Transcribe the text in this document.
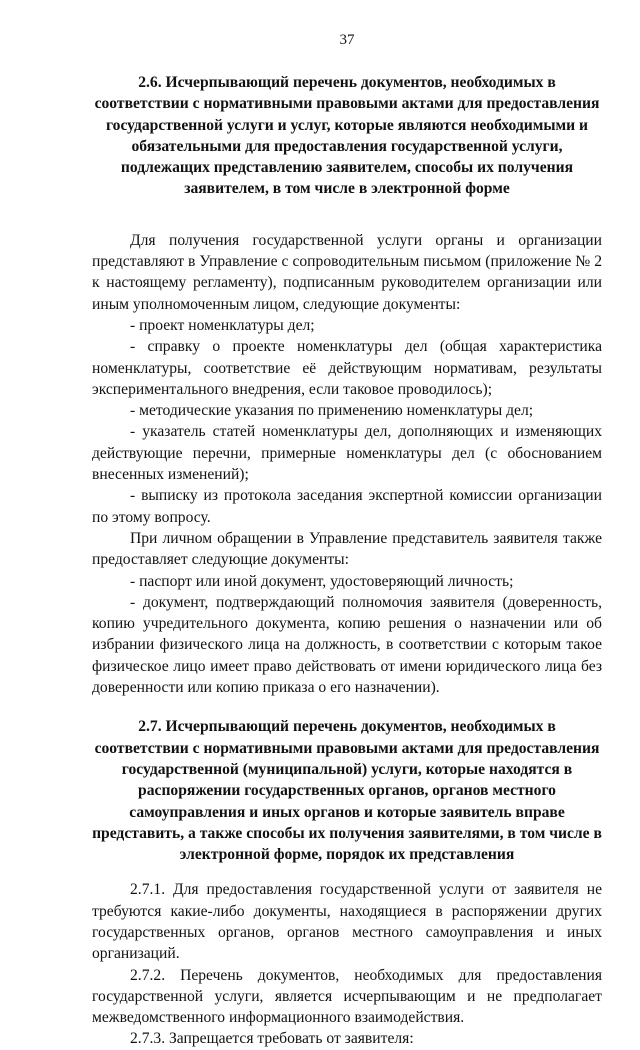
37
2.6. Исчерпывающий перечень документов, необходимых в соответствии с нормативными правовыми актами для предоставления государственной услуги и услуг, которые являются необходимыми и обязательными для предоставления государственной услуги, подлежащих представлению заявителем, способы их получения заявителем, в том числе в электронной форме

Для получения государственной услуги органы и организации представляют в Управление с сопроводительным письмом (приложение № 2 к настоящему регламенту), подписанным руководителем организации или иным уполномоченным лицом, следующие документы:

- проект номенклатуры дел;

- справку о проекте номенклатуры дел (общая характеристика номенклатуры, соответствие её действующим нормативам, результаты экспериментального внедрения, если таковое проводилось);

- методические указания по применению номенклатуры дел;

- указатель статей номенклатуры дел, дополняющих и изменяющих действующие перечни, примерные номенклатуры дел (с обоснованием внесенных изменений);

- выписку из протокола заседания экспертной комиссии организации по этому вопросу.

При личном обращении в Управление представитель заявителя также предоставляет следующие документы:

- паспорт или иной документ, удостоверяющий личность;

- документ, подтверждающий полномочия заявителя (доверенность, копию учредительного документа, копию решения о назначении или об избрании физического лица на должность, в соответствии с которым такое физическое лицо имеет право действовать от имени юридического лица без доверенности или копию приказа о его назначении).

2.7. Исчерпывающий перечень документов, необходимых в соответствии с нормативными правовыми актами для предоставления государственной (муниципальной) услуги, которые находятся в распоряжении государственных органов, органов местного самоуправления и иных органов и которые заявитель вправе представить, а также способы их получения заявителями, в том числе в электронной форме, порядок их представления

2.7.1. Для предоставления государственной услуги от заявителя не требуются какие-либо документы, находящиеся в распоряжении других государственных органов, органов местного самоуправления и иных организаций.

2.7.2. Перечень документов, необходимых для предоставления государственной услуги, является исчерпывающим и не предполагает межведомственного информационного взаимодействия.

2.7.3. Запрещается требовать от заявителя:
